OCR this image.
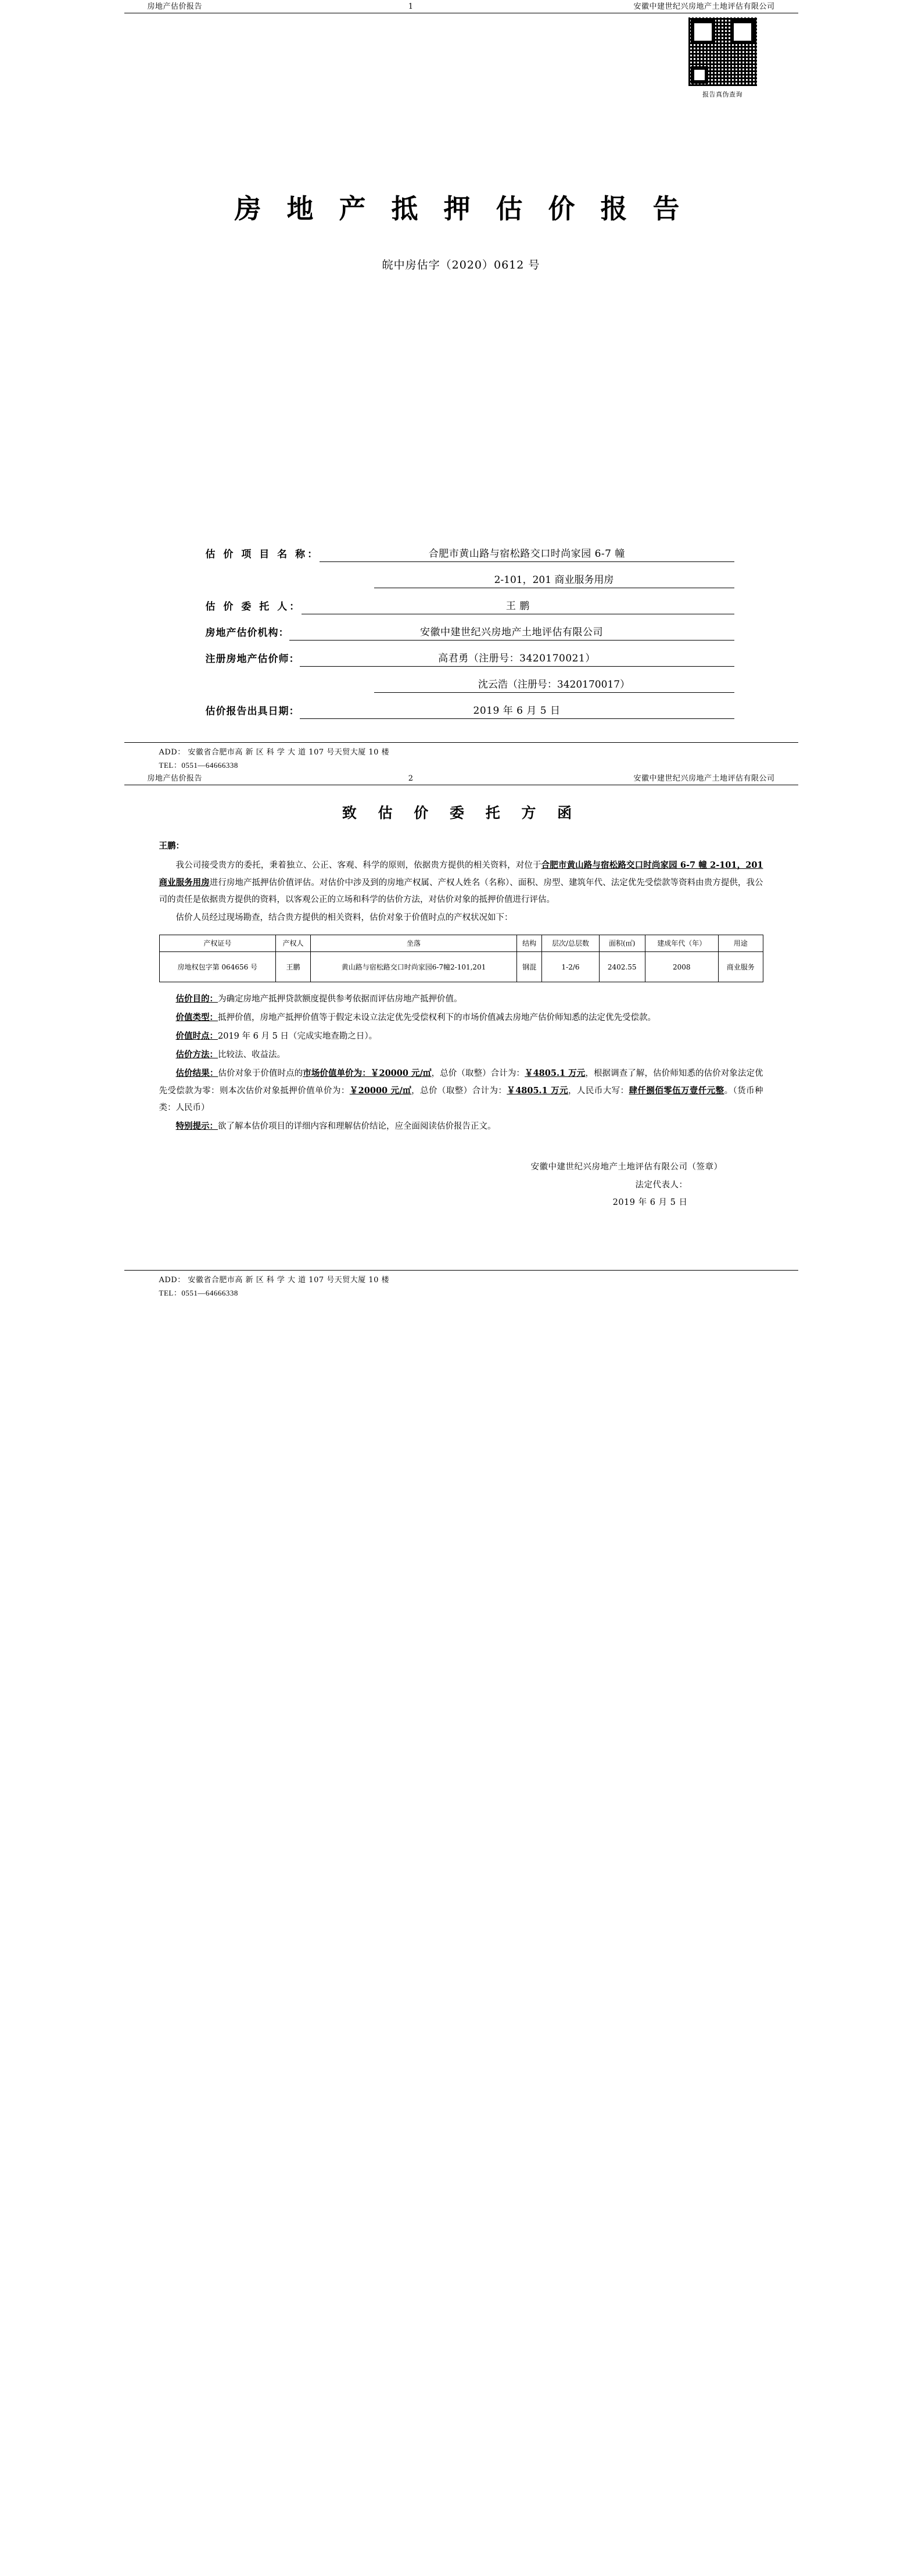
房地产估价报告	1	安徽中建世纪兴房地产土地评估有限公司
报告真伪查询
房 地 产 抵 押 估 价 报 告
皖中房估字（2020）0612 号
估 价 项 目 名 称：	合肥市黄山路与宿松路交口时尚家园 6-7 幢
2-101，201 商业服务用房
估 价 委 托 人：	王 鹏
房地产估价机构：	安徽中建世纪兴房地产土地评估有限公司
注册房地产估价师：	高君勇（注册号：3420170021）
沈云浩（注册号：3420170017）
估价报告出具日期：	2019 年 6 月 5 日
ADD： 安徽省合肥市高 新 区 科 学 大 道 107 号天贸大厦 10 楼
TEL：0551—64666338
房地产估价报告	2	安徽中建世纪兴房地产土地评估有限公司
致 估 价 委 托 方 函
王鹏：

我公司接受贵方的委托，秉着独立、公正、客观、科学的原则，依据贵方提供的相关资料，对位于合肥市黄山路与宿松路交口时尚家园 6-7 幢 2-101，201 商业服务用房进行房地产抵押估价值评估。对估价中涉及到的房地产权属、产权人姓名（名称）、面积、房型、建筑年代、法定优先受偿款等资料由贵方提供，我公司的责任是依据贵方提供的资料，以客观公正的立场和科学的估价方法，对估价对象的抵押价值进行评估。

估价人员经过现场勘查，结合贵方提供的相关资料，估价对象于价值时点的产权状况如下：

产权证号	产权人	坐落	结构	层次/总层数	面积(㎡)	建成年代（年）	用途
房地权包字第 064656 号	王鹏	黄山路与宿松路交口时尚家园6-7幢2-101,201	钢混	1-2/6	2402.55	2008	商业服务

估价目的：为确定房地产抵押贷款额度提供参考依据而评估房地产抵押价值。

价值类型：抵押价值，房地产抵押价值等于假定未设立法定优先受偿权利下的市场价值减去房地产估价师知悉的法定优先受偿款。

价值时点：2019 年 6 月 5 日（完成实地查勘之日）。

估价方法：比较法、收益法。

估价结果：估价对象于价值时点的市场价值单价为：￥20000 元/㎡，总价（取整）合计为：￥4805.1 万元，根据调查了解，估价师知悉的估价对象法定优先受偿款为零：则本次估价对象抵押价值单价为：￥20000 元/㎡，总价（取整）合计为：￥4805.1 万元，人民币大写：肆仟捌佰零伍万壹仟元整。（货币种类：人民币）

特别提示：欲了解本估价项目的详细内容和理解估价结论，应全面阅读估价报告正文。

安徽中建世纪兴房地产土地评估有限公司（签章）
法定代表人：
2019 年 6 月 5 日
ADD： 安徽省合肥市高 新 区 科 学 大 道 107 号天贸大厦 10 楼
TEL：0551—64666338
